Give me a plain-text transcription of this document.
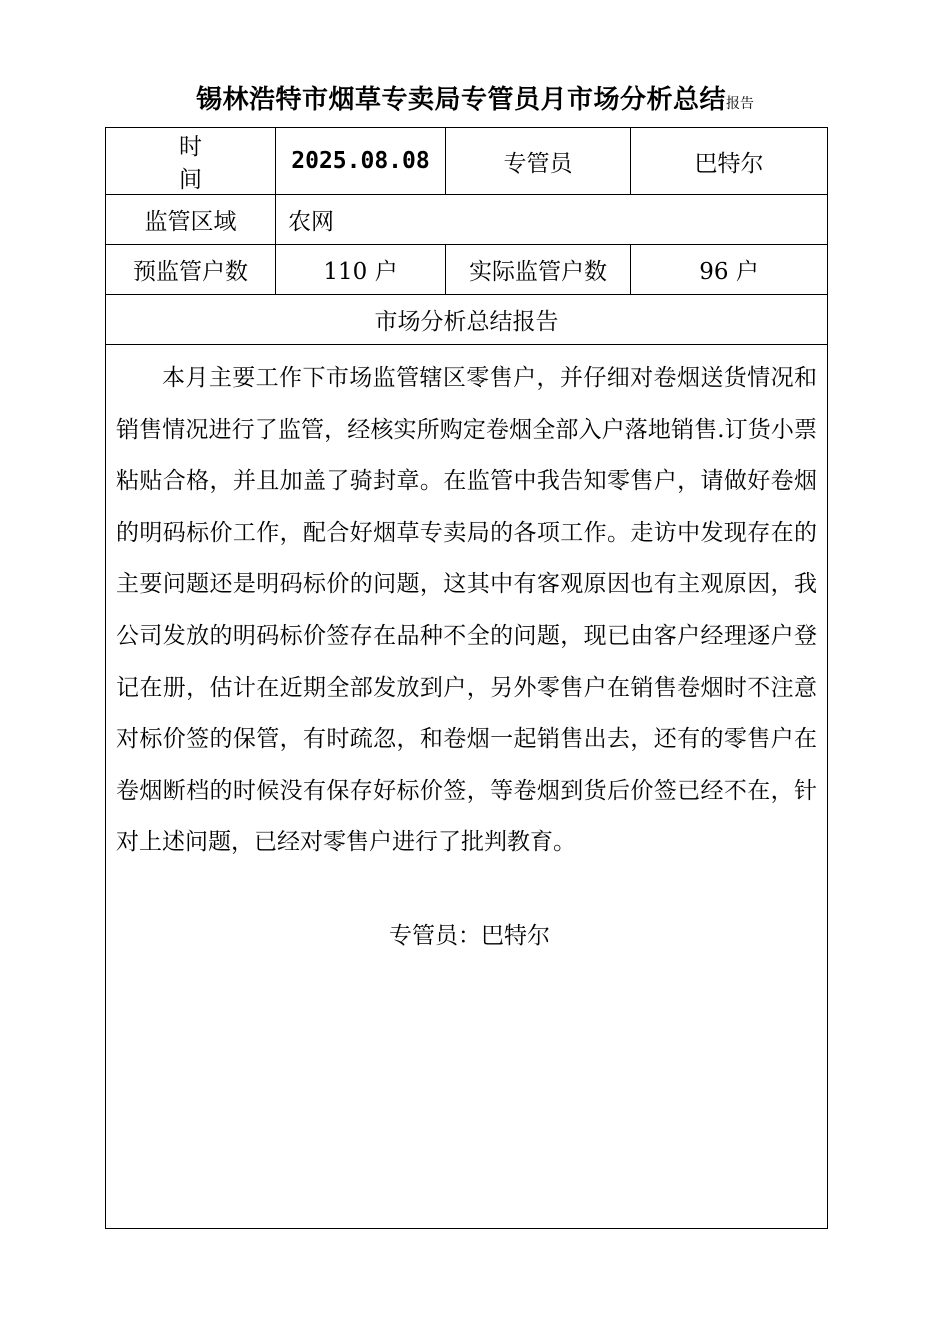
锡林浩特市烟草专卖局专管员月市场分析总结报告
时间	2025.08.08	专管员	巴特尔
监管区域	农网		
预监管户数	110 户	实际监管户数	96 户
市场分析总结报告			

本月主要工作下市场监管辖区零售户，并仔细对卷烟送货情况和销售情况进行了监管，经核实所购定卷烟全部入户落地销售.订货小票粘贴合格，并且加盖了骑封章。在监管中我告知零售户，请做好卷烟的明码标价工作，配合好烟草专卖局的各项工作。走访中发现存在的主要问题还是明码标价的问题，这其中有客观原因也有主观原因，我公司发放的明码标价签存在品种不全的问题，现已由客户经理逐户登记在册，估计在近期全部发放到户，另外零售户在销售卷烟时不注意对标价签的保管，有时疏忽，和卷烟一起销售出去，还有的零售户在卷烟断档的时候没有保存好标价签，等卷烟到货后价签已经不在，针对上述问题，已经对零售户进行了批判教育。

专管员：巴特尔			
